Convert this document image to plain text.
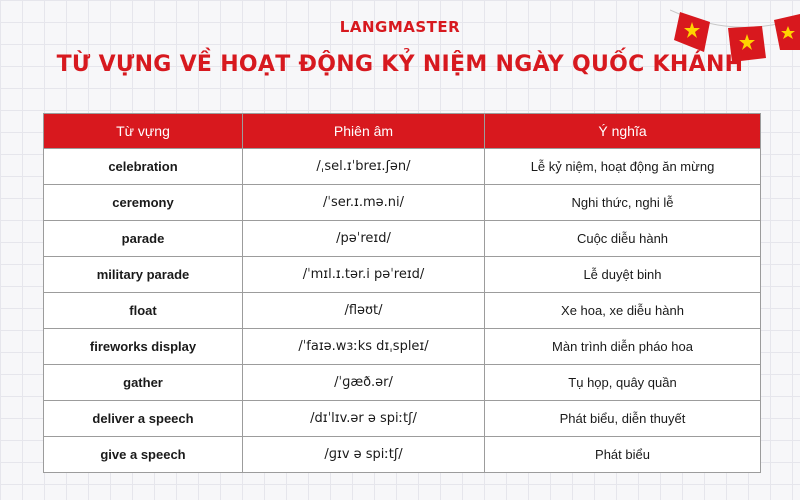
LANGMASTER
TỪ VỰNG VỀ HOẠT ĐỘNG KỶ NIỆM NGÀY QUỐC KHÁNH
Từ vựng	Phiên âm	Ý nghĩa
celebration	/ˌsel.ɪˈbreɪ.ʃən/	Lễ kỷ niệm, hoạt động ăn mừng
ceremony	/ˈser.ɪ.mə.ni/	Nghi thức, nghi lễ
parade	/pəˈreɪd/	Cuộc diễu hành
military parade	/ˈmɪl.ɪ.tər.i pəˈreɪd/	Lễ duyệt binh
float	/fləʊt/	Xe hoa, xe diễu hành
fireworks display	/ˈfaɪə.wɜːks dɪˌspleɪ/	Màn trình diễn pháo hoa
gather	/ˈɡæð.ər/	Tụ họp, quây quần
deliver a speech	/dɪˈlɪv.ər ə spiːtʃ/	Phát biểu, diễn thuyết
give a speech	/ɡɪv ə spiːtʃ/	Phát biểu
